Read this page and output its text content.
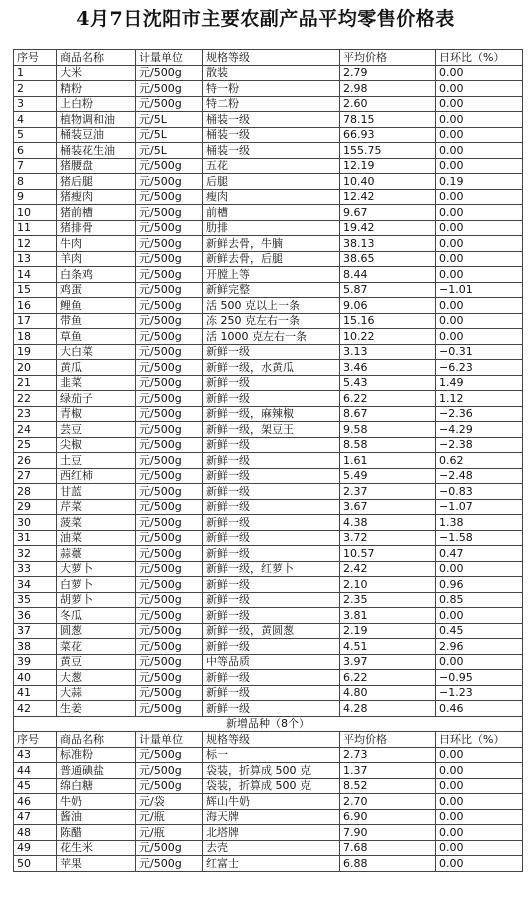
4月7日沈阳市主要农副产品平均零售价格表
序号	商品名称	计量单位	规格等级	平均价格	日环比（%）
1	大米	元/500g	散装	2.79	0.00
2	精粉	元/500g	特一粉	2.98	0.00
3	上白粉	元/500g	特二粉	2.60	0.00
4	植物调和油	元/5L	桶装一级	78.15	0.00
5	桶装豆油	元/5L	桶装一级	66.93	0.00
6	桶装花生油	元/5L	桶装一级	155.75	0.00
7	猪腰盘	元/500g	五花	12.19	0.00
8	猪后腿	元/500g	后腿	10.40	0.19
9	猪瘦肉	元/500g	瘦肉	12.42	0.00
10	猪前槽	元/500g	前槽	9.67	0.00
11	猪排骨	元/500g	肋排	19.42	0.00
12	牛肉	元/500g	新鲜去骨，牛腩	38.13	0.00
13	羊肉	元/500g	新鲜去骨，后腿	38.65	0.00
14	白条鸡	元/500g	开膛上等	8.44	0.00
15	鸡蛋	元/500g	新鲜完整	5.87	−1.01
16	鲤鱼	元/500g	活 500 克以上一条	9.06	0.00
17	带鱼	元/500g	冻 250 克左右一条	15.16	0.00
18	草鱼	元/500g	活 1000 克左右一条	10.22	0.00
19	大白菜	元/500g	新鲜一级	3.13	−0.31
20	黄瓜	元/500g	新鲜一级，水黄瓜	3.46	−6.23
21	韭菜	元/500g	新鲜一级	5.43	1.49
22	绿茄子	元/500g	新鲜一级	6.22	1.12
23	青椒	元/500g	新鲜一级，麻辣椒	8.67	−2.36
24	芸豆	元/500g	新鲜一级，架豆王	9.58	−4.29
25	尖椒	元/500g	新鲜一级	8.58	−2.38
26	土豆	元/500g	新鲜一级	1.61	0.62
27	西红柿	元/500g	新鲜一级	5.49	−2.48
28	甘蓝	元/500g	新鲜一级	2.37	−0.83
29	芹菜	元/500g	新鲜一级	3.67	−1.07
30	菠菜	元/500g	新鲜一级	4.38	1.38
31	油菜	元/500g	新鲜一级	3.72	−1.58
32	蒜薹	元/500g	新鲜一级	10.57	0.47
33	大萝卜	元/500g	新鲜一级，红萝卜	2.42	0.00
34	白萝卜	元/500g	新鲜一级	2.10	0.96
35	胡萝卜	元/500g	新鲜一级	2.35	0.85
36	冬瓜	元/500g	新鲜一级	3.81	0.00
37	圆葱	元/500g	新鲜一级，黄圆葱	2.19	0.45
38	菜花	元/500g	新鲜一级	4.51	2.96
39	黄豆	元/500g	中等品质	3.97	0.00
40	大葱	元/500g	新鲜一级	6.22	−0.95
41	大蒜	元/500g	新鲜一级	4.80	−1.23
42	生姜	元/500g	新鲜一级	4.28	0.46
新增品种（8个）					
序号	商品名称	计量单位	规格等级	平均价格	日环比（%）
43	标准粉	元/500g	标一	2.73	0.00
44	普通碘盐	元/500g	袋装，折算成 500 克	1.37	0.00
45	绵白糖	元/500g	袋装，折算成 500 克	8.52	0.00
46	牛奶	元/袋	辉山牛奶	2.70	0.00
47	酱油	元/瓶	海天牌	6.90	0.00
48	陈醋	元/瓶	北塔牌	7.90	0.00
49	花生米	元/500g	去壳	7.68	0.00
50	苹果	元/500g	红富士	6.88	0.00
